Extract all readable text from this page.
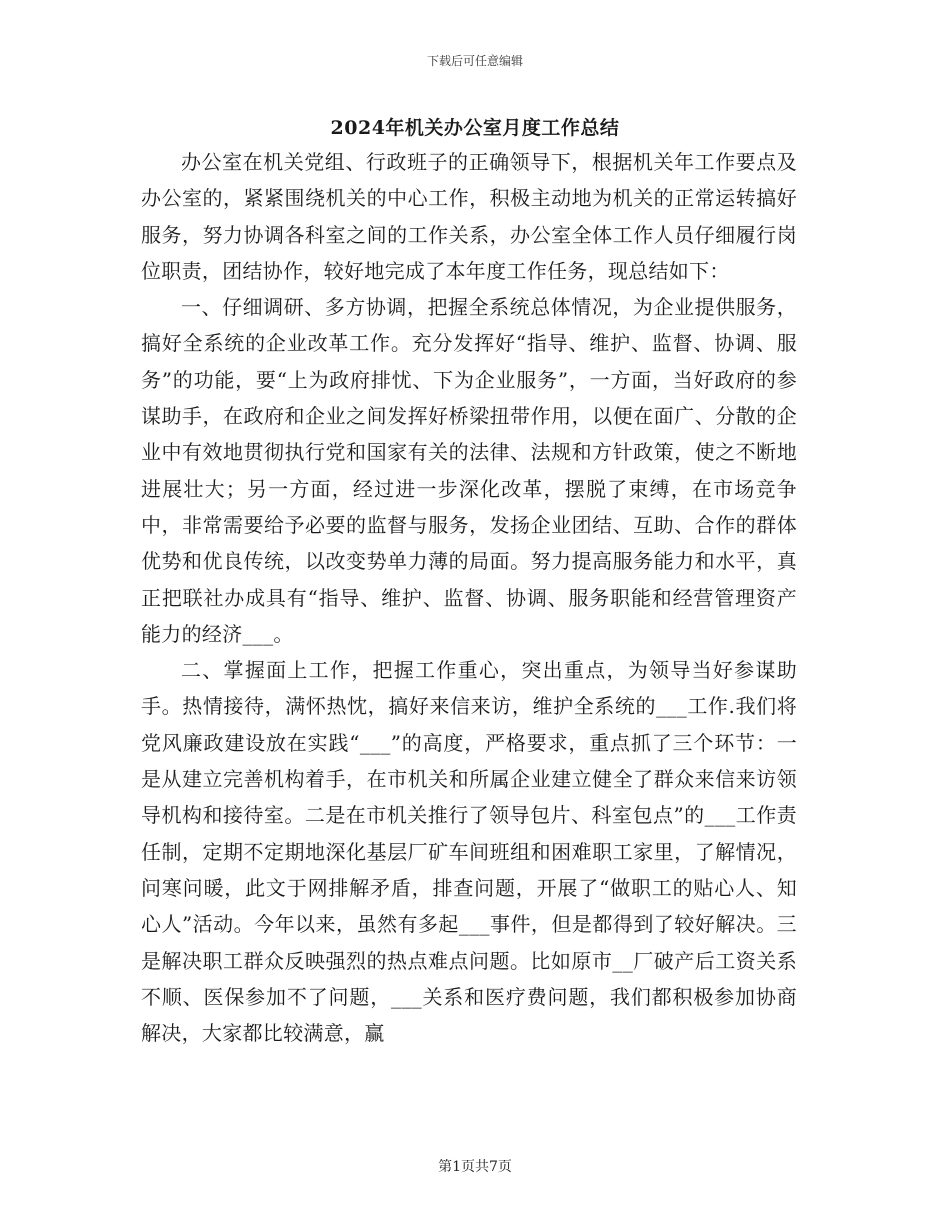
下载后可任意编辑
2024年机关办公室月度工作总结

办公室在机关党组、行政班子的正确领导下，根据机关年工作要点及办公室的，紧紧围绕机关的中心工作，积极主动地为机关的正常运转搞好服务，努力协调各科室之间的工作关系，办公室全体工作人员仔细履行岗位职责，团结协作，较好地完成了本年度工作任务，现总结如下：

一、仔细调研、多方协调，把握全系统总体情况，为企业提供服务，搞好全系统的企业改革工作。充分发挥好“指导、维护、监督、协调、服务”的功能，要“上为政府排忧、下为企业服务”，一方面，当好政府的参谋助手，在政府和企业之间发挥好桥梁扭带作用，以便在面广、分散的企业中有效地贯彻执行党和国家有关的法律、法规和方针政策，使之不断地进展壮大；另一方面，经过进一步深化改革，摆脱了束缚，在市场竞争中，非常需要给予必要的监督与服务，发扬企业团结、互助、合作的群体优势和优良传统，以改变势单力薄的局面。努力提高服务能力和水平，真正把联社办成具有“指导、维护、监督、协调、服务职能和经营管理资产能力的经济___。

二、掌握面上工作，把握工作重心，突出重点，为领导当好参谋助手。热情接待，满怀热忱，搞好来信来访，维护全系统的___工作.我们将党风廉政建设放在实践“___”的高度，严格要求，重点抓了三个环节：一是从建立完善机构着手，在市机关和所属企业建立健全了群众来信来访领导机构和接待室。二是在市机关推行了领导包片、科室包点”的___工作责任制，定期不定期地深化基层厂矿车间班组和困难职工家里，了解情况，问寒问暖，此文于网排解矛盾，排查问题，开展了“做职工的贴心人、知心人”活动。今年以来，虽然有多起___事件，但是都得到了较好解决。三是解决职工群众反映强烈的热点难点问题。比如原市__厂破产后工资关系不顺、医保参加不了问题，___关系和医疗费问题，我们都积极参加协商解决，大家都比较满意，赢

第1页共7页
